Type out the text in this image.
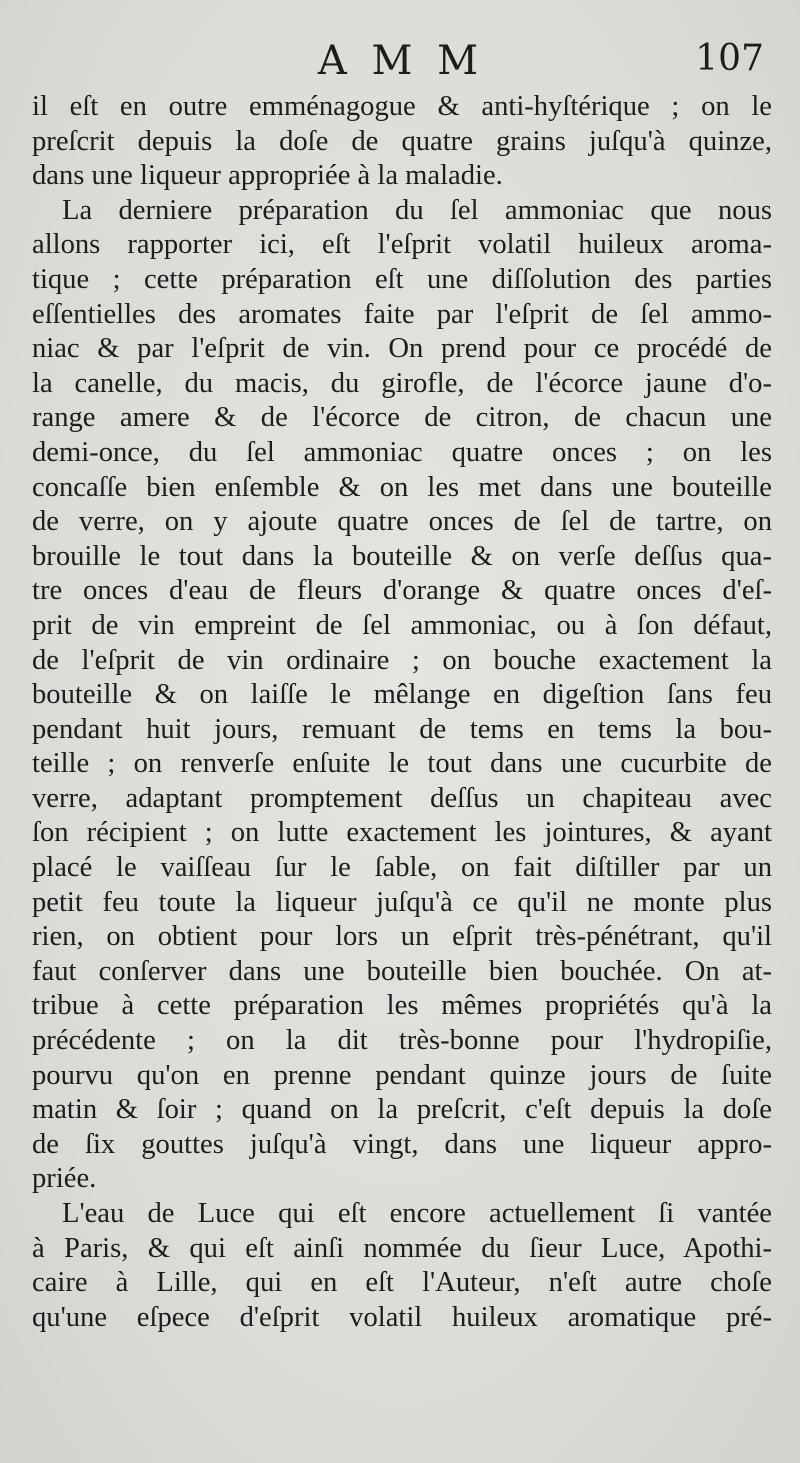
A M M	107
il eſt en outre emménagogue & anti-hyſtérique ; on le
preſcrit depuis la doſe de quatre grains juſqu'à quinze,
dans une liqueur appropriée à la maladie.
La derniere préparation du ſel ammoniac que nous
allons rapporter ici, eſt l'eſprit volatil huileux aroma-
tique ; cette préparation eſt une diſſolution des parties
eſſentielles des aromates faite par l'eſprit de ſel ammo-
niac & par l'eſprit de vin. On prend pour ce procédé de
la canelle, du macis, du girofle, de l'écorce jaune d'o-
range amere & de l'écorce de citron, de chacun une
demi-once, du ſel ammoniac quatre onces ; on les
concaſſe bien enſemble & on les met dans une bouteille
de verre, on y ajoute quatre onces de ſel de tartre, on
brouille le tout dans la bouteille & on verſe deſſus qua-
tre onces d'eau de fleurs d'orange & quatre onces d'eſ-
prit de vin empreint de ſel ammoniac, ou à ſon défaut,
de l'eſprit de vin ordinaire ; on bouche exactement la
bouteille & on laiſſe le mêlange en digeſtion ſans feu
pendant huit jours, remuant de tems en tems la bou-
teille ; on renverſe enſuite le tout dans une cucurbite de
verre, adaptant promptement deſſus un chapiteau avec
ſon récipient ; on lutte exactement les jointures, & ayant
placé le vaiſſeau ſur le ſable, on fait diſtiller par un
petit feu toute la liqueur juſqu'à ce qu'il ne monte plus
rien, on obtient pour lors un eſprit très-pénétrant, qu'il
faut conſerver dans une bouteille bien bouchée. On at-
tribue à cette préparation les mêmes propriétés qu'à la
précédente ; on la dit très-bonne pour l'hydropiſie,
pourvu qu'on en prenne pendant quinze jours de ſuite
matin & ſoir ; quand on la preſcrit, c'eſt depuis la doſe
de ſix gouttes juſqu'à vingt, dans une liqueur appro-
priée.
L'eau de Luce qui eſt encore actuellement ſi vantée
à Paris, & qui eſt ainſi nommée du ſieur Luce, Apothi-
caire à Lille, qui en eſt l'Auteur, n'eſt autre choſe
qu'une eſpece d'eſprit volatil huileux aromatique pré-
